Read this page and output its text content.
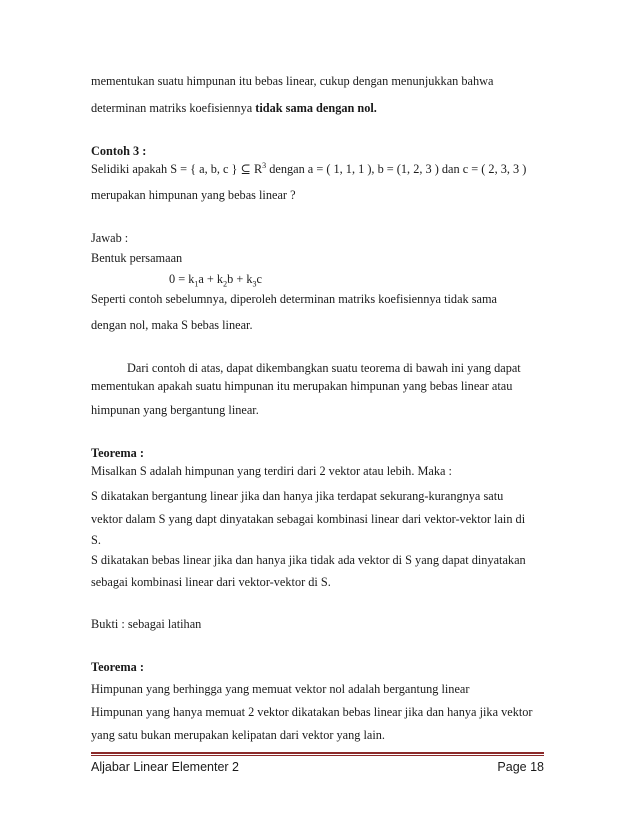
mementukan suatu himpunan itu bebas linear, cukup dengan menunjukkan bahwa
determinan matriks koefisiennya tidak sama dengan nol.
Contoh 3 :
Selidiki apakah S = { a, b, c } ⊆ $R^3$ dengan a = ( 1, 1, 1 ), b = (1, 2, 3 ) dan c = ( 2, 3, 3 )
merupakan himpunan yang bebas linear ?
Jawab :
Bentuk persamaan
$0 = k_1a + k_2b + k_3c$
Seperti contoh sebelumnya, diperoleh determinan matriks koefisiennya tidak sama
dengan nol, maka S bebas linear.
Dari contoh di atas, dapat dikembangkan suatu teorema di bawah ini yang dapat
mementukan apakah suatu himpunan itu merupakan himpunan yang bebas linear atau
himpunan yang bergantung linear.
Teorema :
Misalkan S adalah himpunan yang terdiri dari 2 vektor atau lebih. Maka :
S dikatakan bergantung linear jika dan hanya jika terdapat sekurang-kurangnya satu
vektor dalam S yang dapt dinyatakan sebagai kombinasi linear dari vektor-vektor lain di
S.
S dikatakan bebas linear jika dan hanya jika tidak ada vektor di S yang dapat dinyatakan
sebagai kombinasi linear dari vektor-vektor di S.
Bukti : sebagai latihan
Teorema :
Himpunan yang berhingga yang memuat vektor nol adalah bergantung linear
Himpunan yang hanya memuat 2 vektor dikatakan bebas linear jika dan hanya jika vektor
yang satu bukan merupakan kelipatan dari vektor yang lain.
Aljabar Linear Elementer 2	Page 18
